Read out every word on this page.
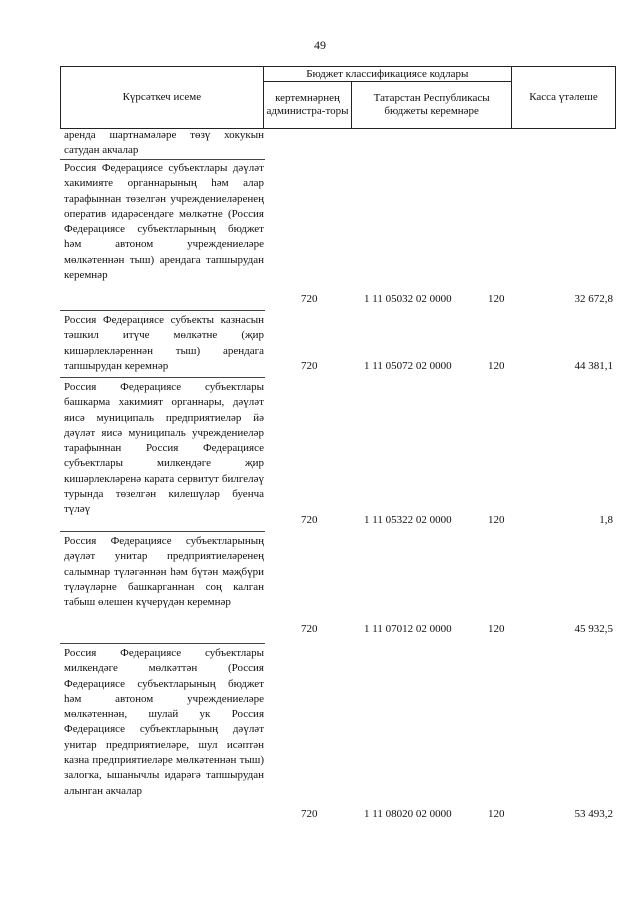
49
Күрсәткеч исеме	Бюджет классификациясе кодлары		Касса үтәлеше
	кертемнәрнең администра-торы	Татарстан Республикасы бюджеты керемнәре	
аренда шартнамәләре төзү хокукын сатудан акчалар
Россия Федерациясе субъектлары дәүләт хакимияте органнарының һәм алар тарафыннан төзелгән учреждениеләренең оператив идарәсендәге мөлкәтне (Россия Федерациясе субъектларының бюджет һәм автоном учреждениеләре мөлкәтеннән тыш) арендага тапшырудан керемнәр
720	1 11 05032 02 0000	120	32 672,8
Россия Федерациясе субъекты казнасын тәшкил итүче мөлкәтне (җир кишәрлекләреннән тыш) арендага тапшырудан керемнәр	720	1 11 05072 02 0000	120	44 381,1
Россия Федерациясе субъектлары башкарма хакимият органнары, дәүләт яисә муниципаль предприятиеләр йә дәүләт яисә муниципаль учреждениеләр тарафыннан Россия Федерациясе субъектлары милкендәге җир кишәрлекләренә карата сервитут билгеләү турында төзелгән килешүләр буенча түләү
720	1 11 05322 02 0000	120	1,8
Россия Федерациясе субъектларының дәүләт унитар предприятиеләренең салымнар түләгәннән һәм бүтән мәҗбүри түләүләрне башкарганнан соң калган табыш өлешен күчерүдән керемнәр
720	1 11 07012 02 0000	120	45 932,5
Россия Федерациясе субъектлары милкендәге мөлкәттән (Россия Федерациясе субъектларының бюджет һәм автоном учреждениеләре мөлкәтеннән, шулай ук Россия Федерациясе субъектларының дәүләт унитар предприятиеләре, шул исәптән казна предприятиеләре мөлкәтеннән тыш) залогка, ышанычлы идарәгә тапшырудан алынган акчалар
720	1 11 08020 02 0000	120	53 493,2
